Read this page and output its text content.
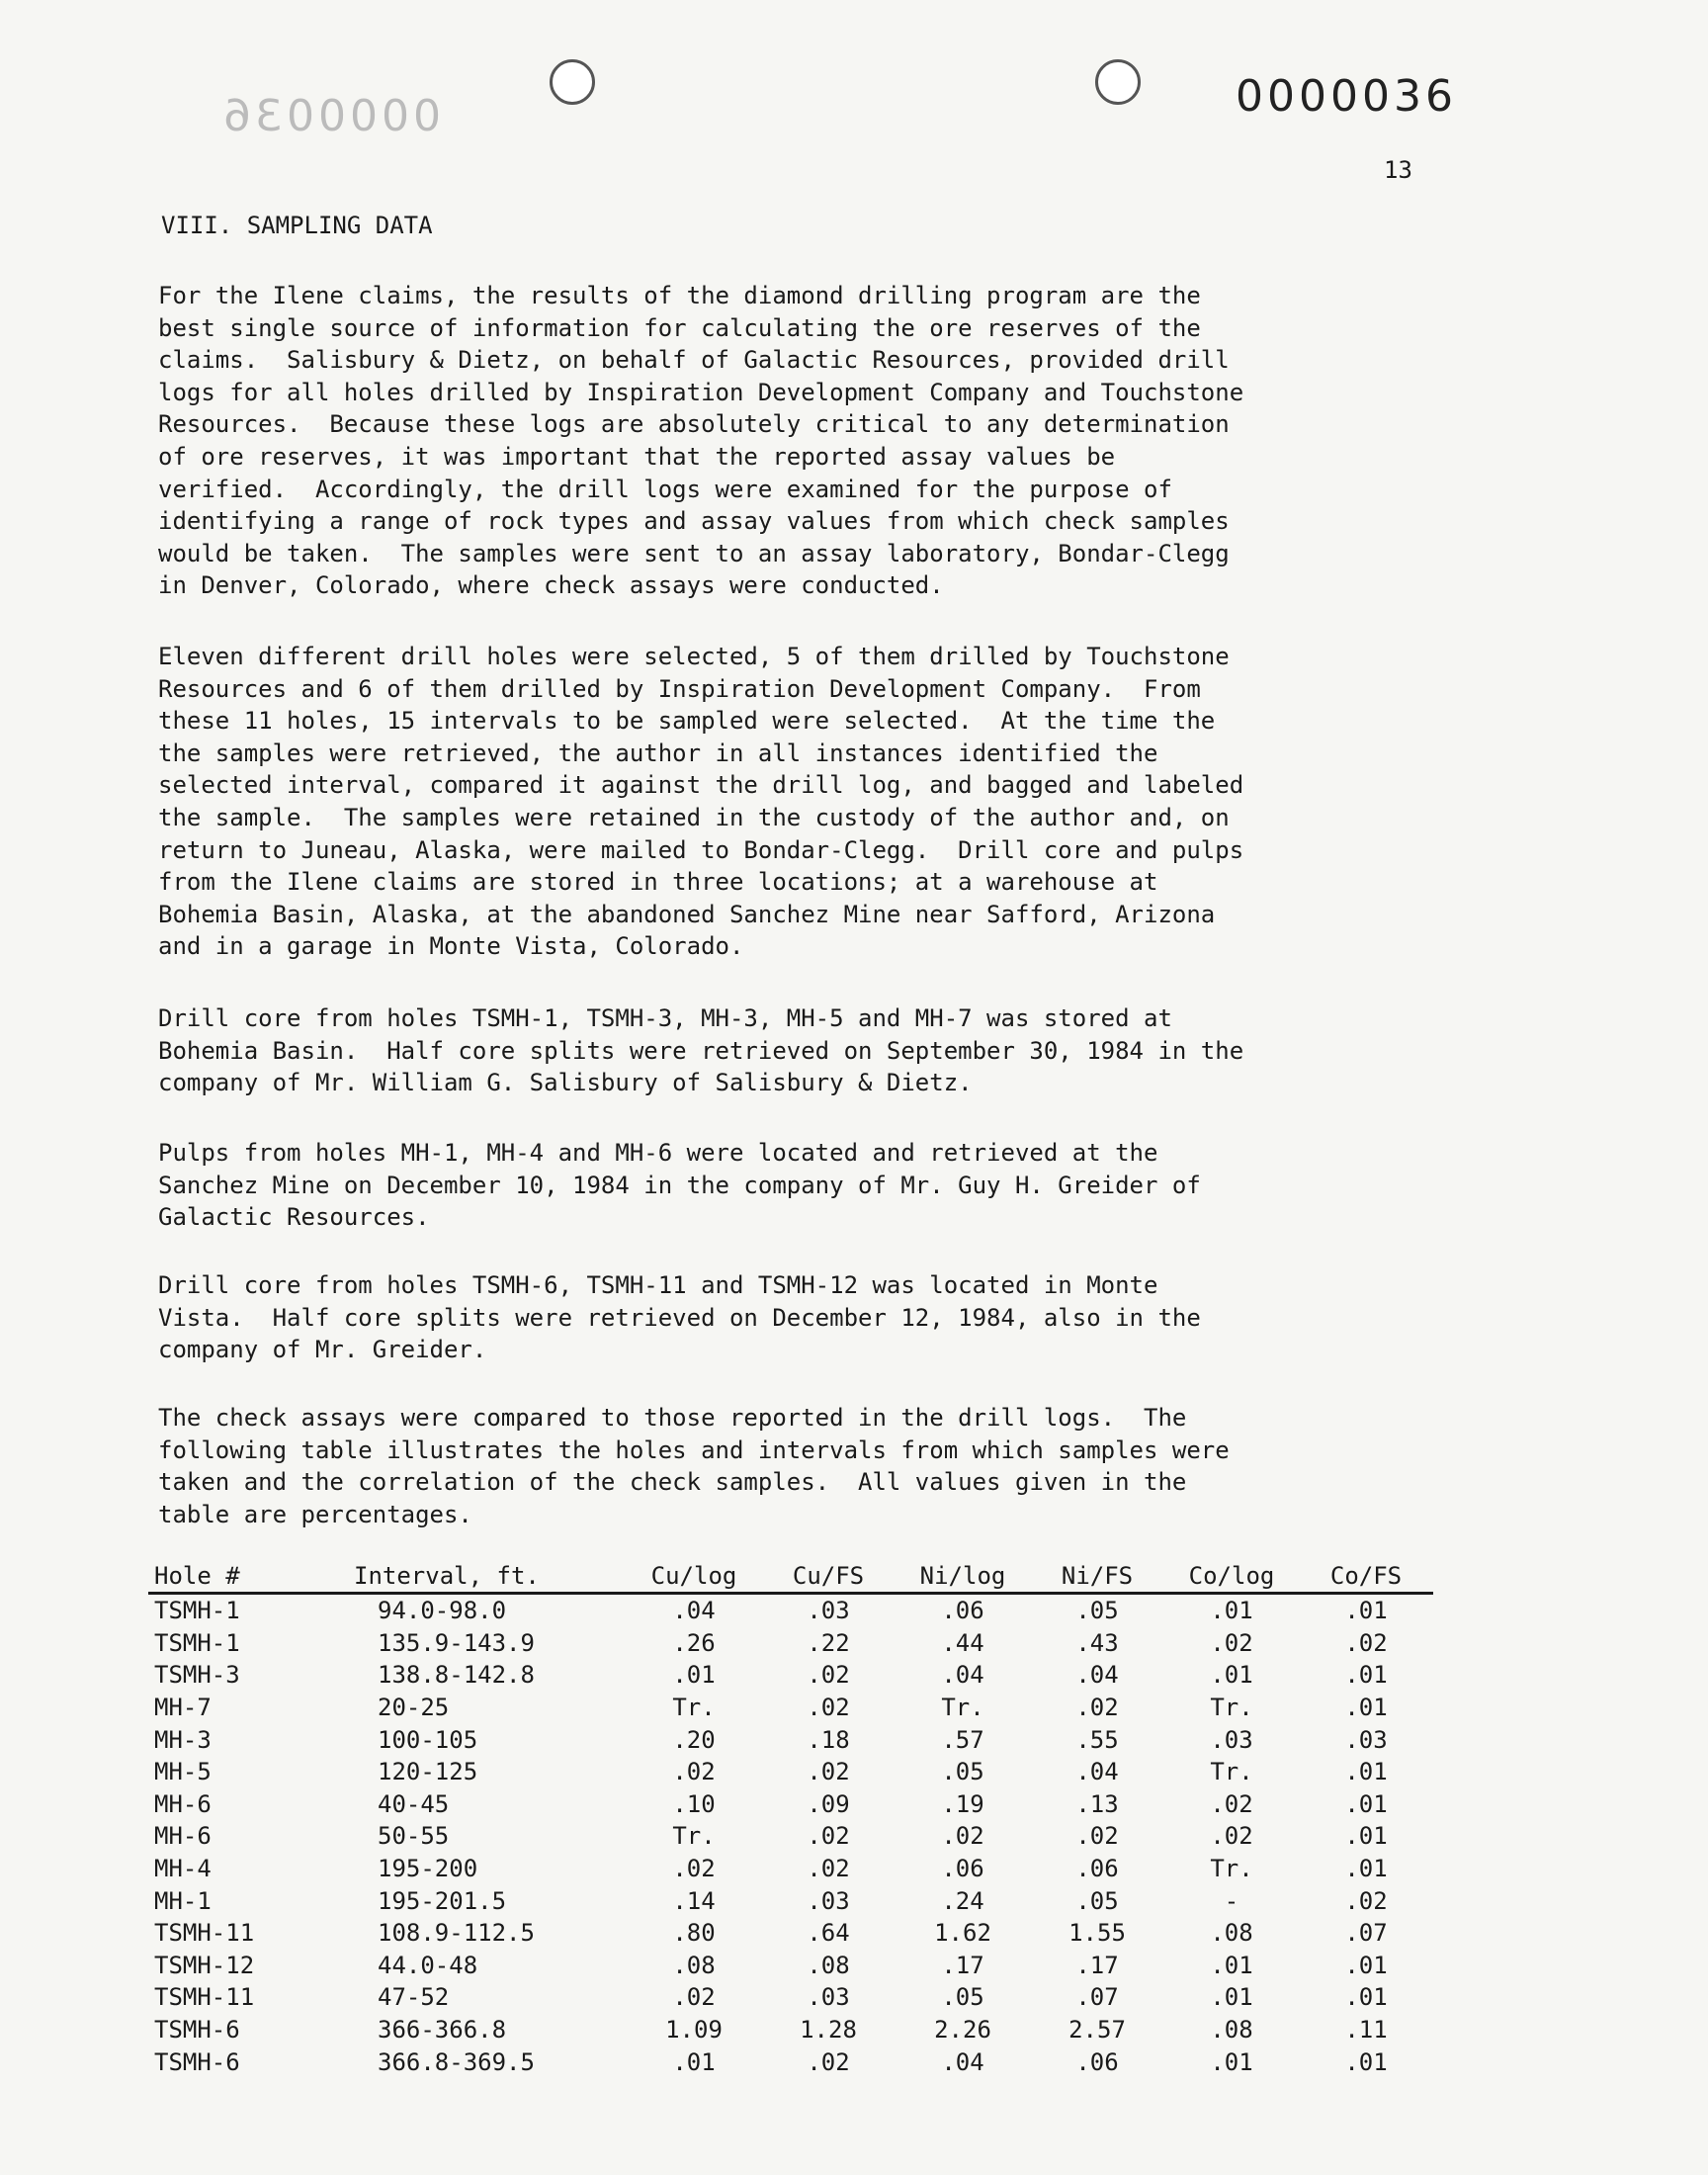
0000036	0000036
13
VIII. SAMPLING DATA

For the Ilene claims, the results of the diamond drilling program are the
best single source of information for calculating the ore reserves of the
claims.  Salisbury & Dietz, on behalf of Galactic Resources, provided drill
logs for all holes drilled by Inspiration Development Company and Touchstone
Resources.  Because these logs are absolutely critical to any determination
of ore reserves, it was important that the reported assay values be
verified.  Accordingly, the drill logs were examined for the purpose of
identifying a range of rock types and assay values from which check samples
would be taken.  The samples were sent to an assay laboratory, Bondar-Clegg
in Denver, Colorado, where check assays were conducted.

Eleven different drill holes were selected, 5 of them drilled by Touchstone
Resources and 6 of them drilled by Inspiration Development Company.  From
these 11 holes, 15 intervals to be sampled were selected.  At the time the
the samples were retrieved, the author in all instances identified the
selected interval, compared it against the drill log, and bagged and labeled
the sample.  The samples were retained in the custody of the author and, on
return to Juneau, Alaska, were mailed to Bondar-Clegg.  Drill core and pulps
from the Ilene claims are stored in three locations; at a warehouse at
Bohemia Basin, Alaska, at the abandoned Sanchez Mine near Safford, Arizona
and in a garage in Monte Vista, Colorado.

Drill core from holes TSMH-1, TSMH-3, MH-3, MH-5 and MH-7 was stored at
Bohemia Basin.  Half core splits were retrieved on September 30, 1984 in the
company of Mr. William G. Salisbury of Salisbury & Dietz.

Pulps from holes MH-1, MH-4 and MH-6 were located and retrieved at the
Sanchez Mine on December 10, 1984 in the company of Mr. Guy H. Greider of
Galactic Resources.

Drill core from holes TSMH-6, TSMH-11 and TSMH-12 was located in Monte
Vista.  Half core splits were retrieved on December 12, 1984, also in the
company of Mr. Greider.

The check assays were compared to those reported in the drill logs.  The
following table illustrates the holes and intervals from which samples were
taken and the correlation of the check samples.  All values given in the
table are percentages.

Hole #	Interval, ft.	Cu/log	Cu/FS	Ni/log	Ni/FS	Co/log	Co/FS
TSMH-1	94.0-98.0	.04	.03	.06	.05	.01	.01
TSMH-1	135.9-143.9	.26	.22	.44	.43	.02	.02
TSMH-3	138.8-142.8	.01	.02	.04	.04	.01	.01
MH-7	20-25	Tr.	.02	Tr.	.02	Tr.	.01
MH-3	100-105	.20	.18	.57	.55	.03	.03
MH-5	120-125	.02	.02	.05	.04	Tr.	.01
MH-6	40-45	.10	.09	.19	.13	.02	.01
MH-6	50-55	Tr.	.02	.02	.02	.02	.01
MH-4	195-200	.02	.02	.06	.06	Tr.	.01
MH-1	195-201.5	.14	.03	.24	.05	-	.02
TSMH-11	108.9-112.5	.80	.64	1.62	1.55	.08	.07
TSMH-12	44.0-48	.08	.08	.17	.17	.01	.01
TSMH-11	47-52	.02	.03	.05	.07	.01	.01
TSMH-6	366-366.8	1.09	1.28	2.26	2.57	.08	.11
TSMH-6	366.8-369.5	.01	.02	.04	.06	.01	.01
